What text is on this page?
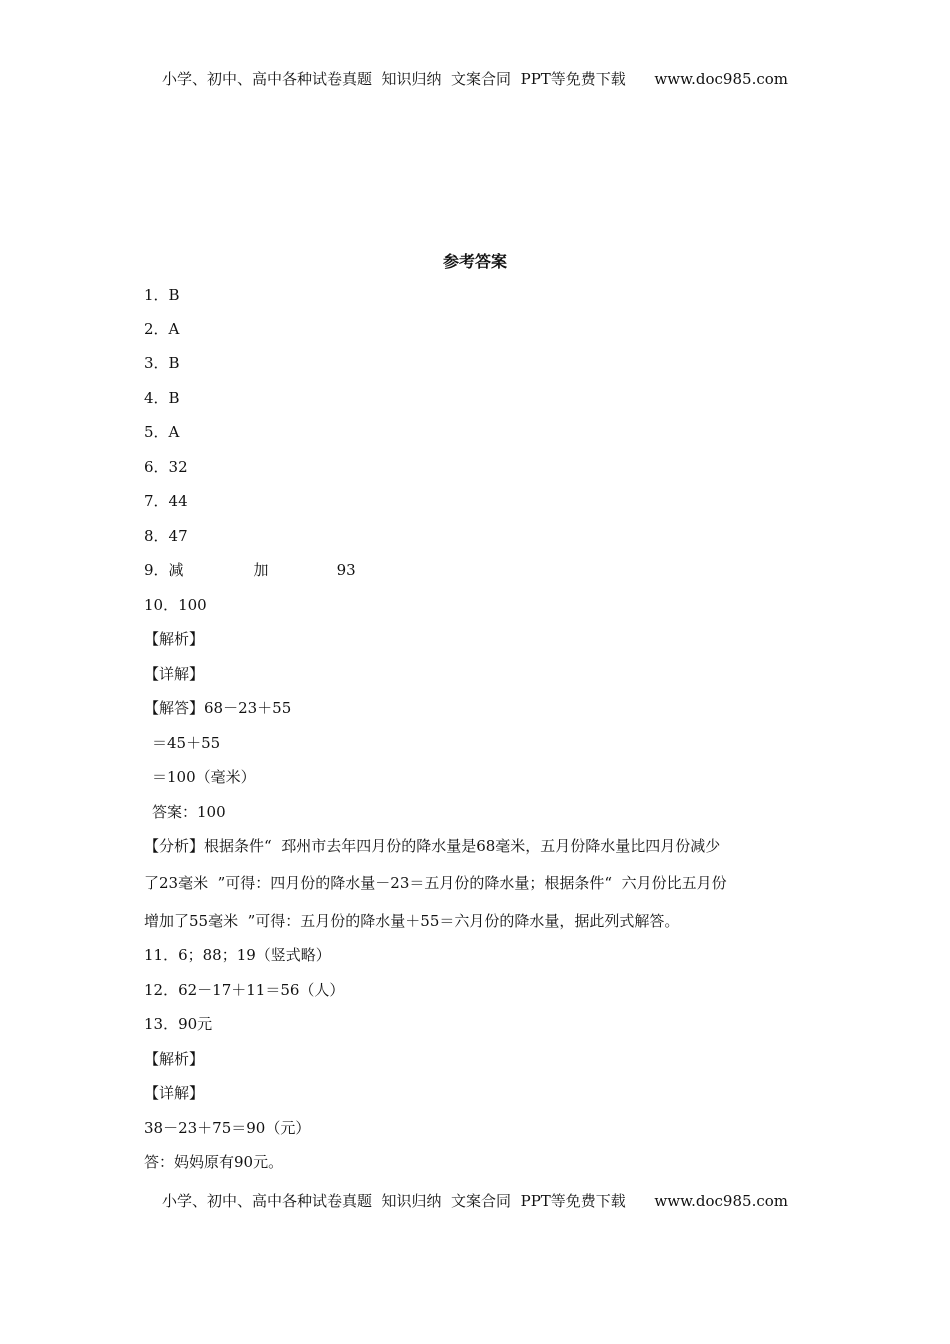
小学、初中、高中各种试卷真题  知识归纳  文案合同  PPT等免费下载      www.doc985.com
参考答案
1．B
2．A
3．B
4．B
5．A
6．32
7．44
8．47
9．减	加	93
10．100
【解析】
【详解】
【解答】68－23＋55
＝45＋55
＝100（毫米）
答案：100
【分析】根据条件“  邳州市去年四月份的降水量是68毫米，五月份降水量比四月份减少
了23毫米  ”可得：四月份的降水量－23＝五月份的降水量；根据条件“  六月份比五月份
增加了55毫米  ”可得：五月份的降水量＋55＝六月份的降水量，据此列式解答。
11．6；88；19（竖式略）
12．62－17＋11＝56（人）
13．90元
【解析】
【详解】
38－23＋75＝90（元）
答：妈妈原有90元。
小学、初中、高中各种试卷真题  知识归纳  文案合同  PPT等免费下载      www.doc985.com
